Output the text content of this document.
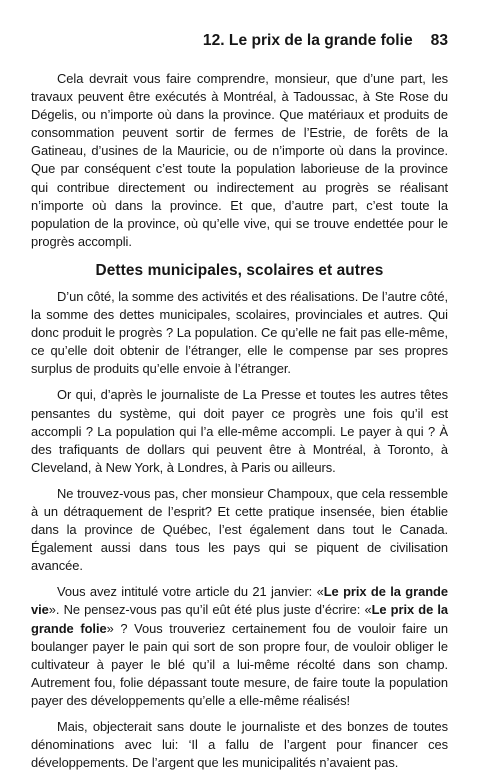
12. Le prix de la grande folie 83

Cela devrait vous faire comprendre, monsieur, que d’une part, les travaux peuvent être exécutés à Montréal, à Tadoussac, à Ste Rose du Dégelis, ou n’importe où dans la province. Que matériaux et produits de consommation peuvent sortir de fermes de l’Estrie, de forêts de la Gatineau, d’usines de la Mauricie, ou de n’importe où dans la province. Que par conséquent c’est toute la population laborieuse de la province qui contribue directement ou indirectement au progrès se réalisant n’importe où dans la province. Et que, d’autre part, c’est toute la population de la province, où qu’elle vive, qui se trouve endettée pour le progrès accompli.

Dettes municipales, scolaires et autres

D’un côté, la somme des activités et des réalisations. De l’autre côté, la somme des dettes municipales, scolaires, provinciales et autres. Qui donc produit le progrès ? La population. Ce qu’elle ne fait pas elle-même, ce qu’elle doit obtenir de l’étranger, elle le compense par ses propres surplus de produits qu’elle envoie à l’étranger.

Or qui, d’après le journaliste de La Presse et toutes les autres têtes pensantes du système, qui doit payer ce progrès une fois qu’il est accompli ? La population qui l’a elle-même accompli. Le payer à qui ? À des trafiquants de dollars qui peuvent être à Montréal, à Toronto, à Cleveland, à New York, à Londres, à Paris ou ailleurs.

Ne trouvez-vous pas, cher monsieur Champoux, que cela ressemble à un détraquement de l’esprit? Et cette pratique insensée, bien établie dans la province de Québec, l’est également dans tout le Canada. Également aussi dans tous les pays qui se piquent de civilisation avancée.

Vous avez intitulé votre article du 21 janvier: «Le prix de la grande vie». Ne pensez-vous pas qu’il eût été plus juste d’écrire: «Le prix de la grande folie» ? Vous trouveriez certainement fou de vouloir faire un boulanger payer le pain qui sort de son propre four, de vouloir obliger le cultivateur à payer le blé qu’il a lui-même récolté dans son champ. Autrement fou, folie dépassant toute mesure, de faire toute la population payer des développements qu’elle a elle-même réalisés!

Mais, objecterait sans doute le journaliste et des bonzes de toutes dénominations avec lui: ‘Il a fallu de l’argent pour financer ces développements. De l’argent que les municipalités n’avaient pas.
